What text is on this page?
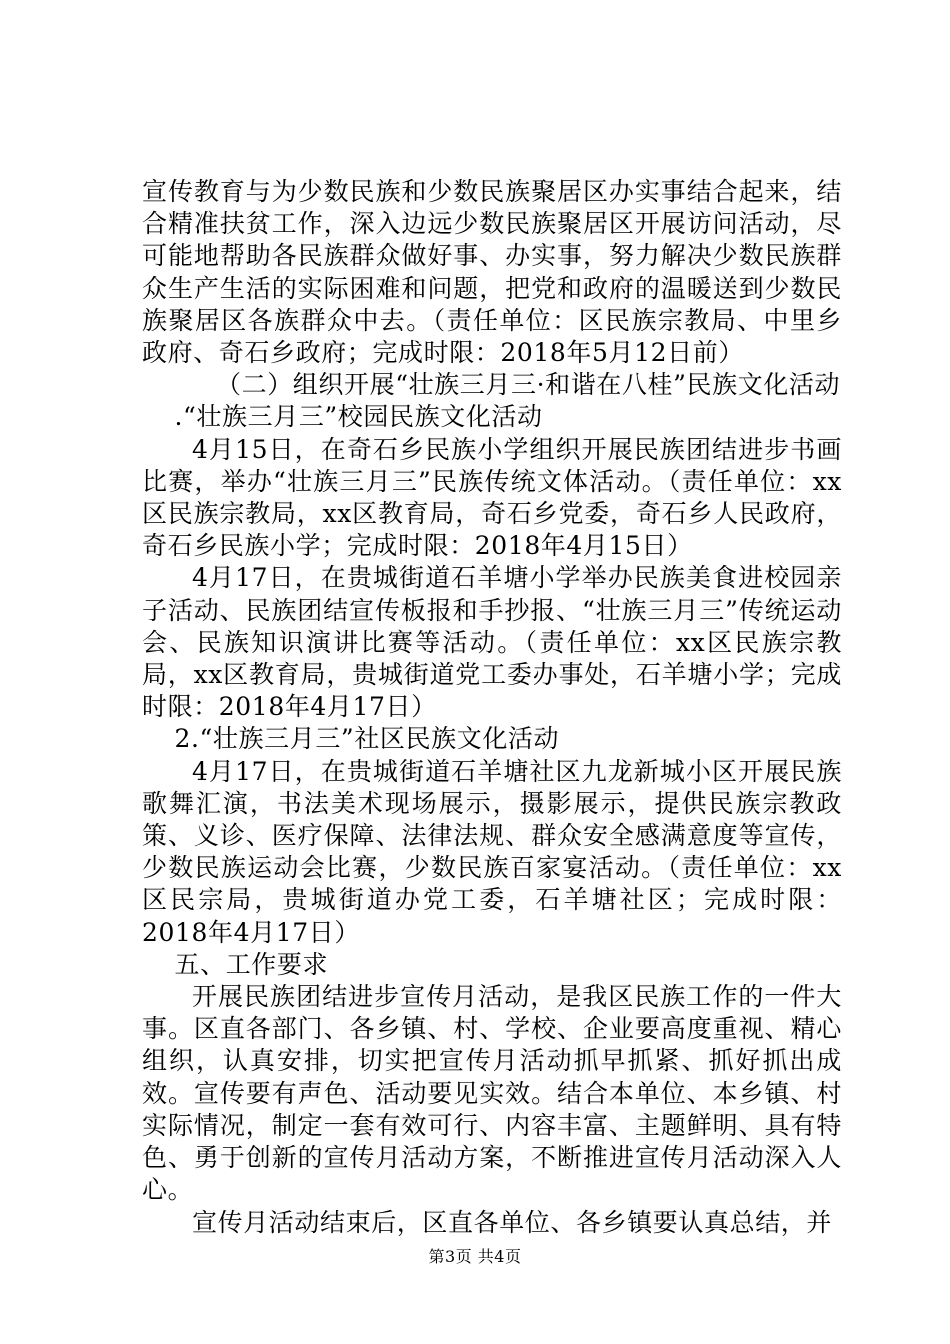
宣传教育与为少数民族和少数民族聚居区办实事结合起来，结合精准扶贫工作，深入边远少数民族聚居区开展访问活动，尽可能地帮助各民族群众做好事、办实事，努力解决少数民族群众生产生活的实际困难和问题，把党和政府的温暖送到少数民族聚居区各族群众中去。（责任单位：区民族宗教局、中里乡政府、奇石乡政府；完成时限：2018年5月12日前）

（二）组织开展“壮族三月三·和谐在八桂”民族文化活动

.“壮族三月三”校园民族文化活动

4月15日，在奇石乡民族小学组织开展民族团结进步书画比赛，举办“壮族三月三”民族传统文体活动。（责任单位：xx区民族宗教局，xx区教育局，奇石乡党委，奇石乡人民政府，奇石乡民族小学；完成时限：2018年4月15日）

4月17日，在贵城街道石羊塘小学举办民族美食进校园亲子活动、民族团结宣传板报和手抄报、“壮族三月三”传统运动会、民族知识演讲比赛等活动。（责任单位：xx区民族宗教局，xx区教育局，贵城街道党工委办事处，石羊塘小学；完成时限：2018年4月17日）

2.“壮族三月三”社区民族文化活动

4月17日，在贵城街道石羊塘社区九龙新城小区开展民族歌舞汇演，书法美术现场展示，摄影展示，提供民族宗教政策、义诊、医疗保障、法律法规、群众安全感满意度等宣传，少数民族运动会比赛，少数民族百家宴活动。（责任单位：xx区民宗局，贵城街道办党工委，石羊塘社区；完成时限：2018年4月17日）

五、工作要求

开展民族团结进步宣传月活动，是我区民族工作的一件大事。区直各部门、各乡镇、村、学校、企业要高度重视、精心组织，认真安排，切实把宣传月活动抓早抓紧、抓好抓出成效。宣传要有声色、活动要见实效。结合本单位、本乡镇、村实际情况，制定一套有效可行、内容丰富、主题鲜明、具有特色、勇于创新的宣传月活动方案，不断推进宣传月活动深入人心。

宣传月活动结束后，区直各单位、各乡镇要认真总结，并

第3页 共4页
